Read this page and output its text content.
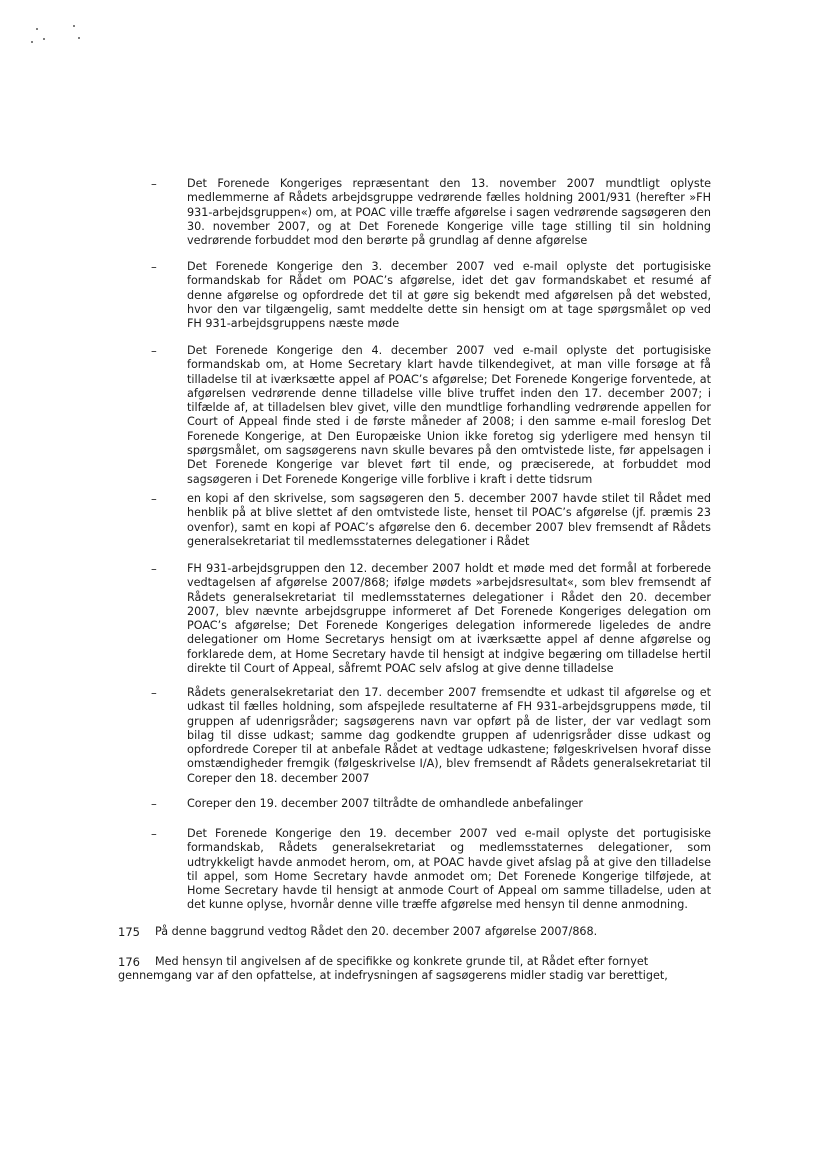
–	Det Forenede Kongeriges repræsentant den 13. november 2007 mundtligt oplyste medlemmerne af Rådets arbejdsgruppe vedrørende fælles holdning 2001/931 (herefter »FH 931-arbejdsgruppen«) om, at POAC ville træffe afgørelse i sagen vedrørende sagsøgeren den 30. november 2007, og at Det Forenede Kongerige ville tage stilling til sin holdning vedrørende forbuddet mod den berørte på grundlag af denne afgørelse
–	Det Forenede Kongerige den 3. december 2007 ved e-mail oplyste det portugisiske formandskab for Rådet om POAC’s afgørelse, idet det gav formandskabet et resumé af denne afgørelse og opfordrede det til at gøre sig bekendt med afgørelsen på det websted, hvor den var tilgængelig, samt meddelte dette sin hensigt om at tage spørgsmålet op ved FH 931-arbejdsgruppens næste møde
–	Det Forenede Kongerige den 4. december 2007 ved e-mail oplyste det portugisiske formandskab om, at Home Secretary klart havde tilkendegivet, at man ville forsøge at få tilladelse til at iværksætte appel af POAC’s afgørelse; Det Forenede Kongerige forventede, at afgørelsen vedrørende denne tilladelse ville blive truffet inden den 17. december 2007; i tilfælde af, at tilladelsen blev givet, ville den mundtlige forhandling vedrørende appellen for Court of Appeal finde sted i de første måneder af 2008; i den samme e-mail foreslog Det Forenede Kongerige, at Den Europæiske Union ikke foretog sig yderligere med hensyn til spørgsmålet, om sagsøgerens navn skulle bevares på den omtvistede liste, før appelsagen i Det Forenede Kongerige var blevet ført til ende, og præciserede, at forbuddet mod sagsøgeren i Det Forenede Kongerige ville forblive i kraft i dette tidsrum
–	en kopi af den skrivelse, som sagsøgeren den 5. december 2007 havde stilet til Rådet med henblik på at blive slettet af den omtvistede liste, henset til POAC’s afgørelse (jf. præmis 23 ovenfor), samt en kopi af POAC’s afgørelse den 6. december 2007 blev fremsendt af Rådets generalsekretariat til medlemsstaternes delegationer i Rådet
–	FH 931-arbejdsgruppen den 12. december 2007 holdt et møde med det formål at forberede vedtagelsen af afgørelse 2007/868; ifølge mødets »arbejdsresultat«, som blev fremsendt af Rådets generalsekretariat til medlemsstaternes delegationer i Rådet den 20. december 2007, blev nævnte arbejdsgruppe informeret af Det Forenede Kongeriges delegation om POAC’s afgørelse; Det Forenede Kongeriges delegation informerede ligeledes de andre delegationer om Home Secretarys hensigt om at iværksætte appel af denne afgørelse og forklarede dem, at Home Secretary havde til hensigt at indgive begæring om tilladelse hertil direkte til Court of Appeal, såfremt POAC selv afslog at give denne tilladelse
–	Rådets generalsekretariat den 17. december 2007 fremsendte et udkast til afgørelse og et udkast til fælles holdning, som afspejlede resultaterne af FH 931-arbejdsgruppens møde, til gruppen af udenrigsråder; sagsøgerens navn var opført på de lister, der var vedlagt som bilag til disse udkast; samme dag godkendte gruppen af udenrigsråder disse udkast og opfordrede Coreper til at anbefale Rådet at vedtage udkastene; følgeskrivelsen hvoraf disse omstændigheder fremgik (følgeskrivelse I/A), blev fremsendt af Rådets generalsekretariat til Coreper den 18. december 2007
–	Coreper den 19. december 2007 tiltrådte de omhandlede anbefalinger
–	Det Forenede Kongerige den 19. december 2007 ved e-mail oplyste det portugisiske formandskab, Rådets generalsekretariat og medlemsstaternes delegationer, som udtrykkeligt havde anmodet herom, om, at POAC havde givet afslag på at give den tilladelse til appel, som Home Secretary havde anmodet om; Det Forenede Kongerige tilføjede, at Home Secretary havde til hensigt at anmode Court of Appeal om samme tilladelse, uden at det kunne oplyse, hvornår denne ville træffe afgørelse med hensyn til denne anmodning.
175 På denne baggrund vedtog Rådet den 20. december 2007 afgørelse 2007/868.
176 Med hensyn til angivelsen af de specifikke og konkrete grunde til, at Rådet efter fornyet
gennemgang var af den opfattelse, at indefrysningen af sagsøgerens midler stadig var berettiget,
